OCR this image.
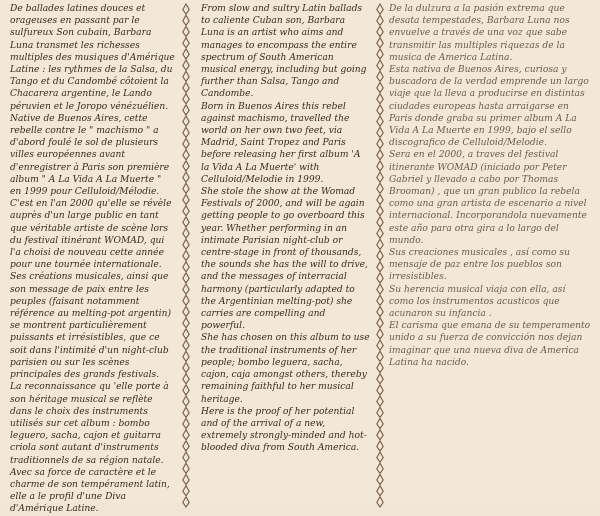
De ballades latines douces et orageuses en passant par le sulfureux Son cubain, Barbara Luna transmet les richesses multiples des musiques d'Amérique Latine : les rythmes de la Salsa, du Tango et du Candombé côtoient la Chacarera argentine, le Lando péruvien et le Joropo vénézuélien.

Native de Buenos Aires, cette rebelle contre le " machismo " a d'abord foulé le sol de plusieurs villes européennes avant d'enregistrer à Paris son première album " A La Vida A La Muerte " en 1999 pour Celluloid/Mélodie.

C'est en l'an 2000 qu'elle se révèle auprès d'un large public en tant que véritable artiste de scène lors du festival itinérant WOMAD, qui l'a choisi de nouveau cette année pour une tournée internationale.

Ses créations musicales, ainsi que son message de paix entre les peuples (faisant notamment référence au melting-pot argentin) se montrent particulièrement puissants et irrésistibles, que ce soit dans l'intimité d'un night-club parisien ou sur les scènes principales des grands festivals.

La reconnaissance qu 'elle porte à son héritage musical se reflète dans le choix des instruments utilisés sur cet album : bombo leguero, sacha, cajon et guitarra criola sont autant d'instruments traditionnels de sa région natale.

Avec sa force de caractère et le charme de son tempérament latin, elle a le profil d'une Diva d'Amérique Latine.

From slow and sultry Latin ballads to caliente Cuban son, Barbara Luna is an artist who aims and manages to encompass the entire spectrum of South American musical energy, including but going further than Salsa, Tango and Candombe.

Born in Buenos Aires this rebel against machismo, travelled the world on her own two feet, via Madrid, Saint Tropez and Paris before releasing her first album 'A la Vida A La Muerte' with Celluloid/Melodie in 1999.

She stole the show at the Womad Festivals of 2000, and will be again getting people to go overboard this year. Whether performing in an intimate Parisian night-club or centre-stage in front of thousands, the sounds she has the will to drive, and the messages of interracial harmony (particularly adapted to the Argentinian melting-pot) she carries are compelling and powerful.

She has chosen on this album to use the traditional instruments of her people; bombo leguera, sacha, cajon, caja amongst others, thereby remaining faithful to her musical heritage.

Here is the proof of her potential and of the arrival of a new, extremely strongly-minded and hot-blooded diva from South America.

De la dulzura a la pasión extrema que desata tempestades, Barbara Luna nos envuelve a través de una voz que sabe transmitir las multiples riquezas de la musica de America Latina.

Esta nativa de Buenos Aires, curiosa y buscadora de la verdad emprende un largo viaje que la lleva a producirse en distintas ciudades europeas hasta arraigarse en Paris donde graba su primer album A La Vida A La Muerte en 1999, bajo el sello discografico de Celluloid/Melodie.

Sera en el 2000, a traves del festival itinerante WOMAD (iniciado por Peter Gabriel y llevado a cabo por Thomas Brooman) , que un gran publico la rebela como una gran artista de escenario a nivel internacional. Incorporandola nuevamente este año para otra gira a lo largo del mundo.

Sus creaciones musicales , así como su mensaje de paz entre los pueblos son irresistibles.

Su herencia musical viaja con ella, así como los instrumentos acusticos que acunaron su infancia .

El carisma que emana de su temperamento unido a su fuerza de convicción nos dejan imaginar que una nueva diva de America Latina ha nacido.
